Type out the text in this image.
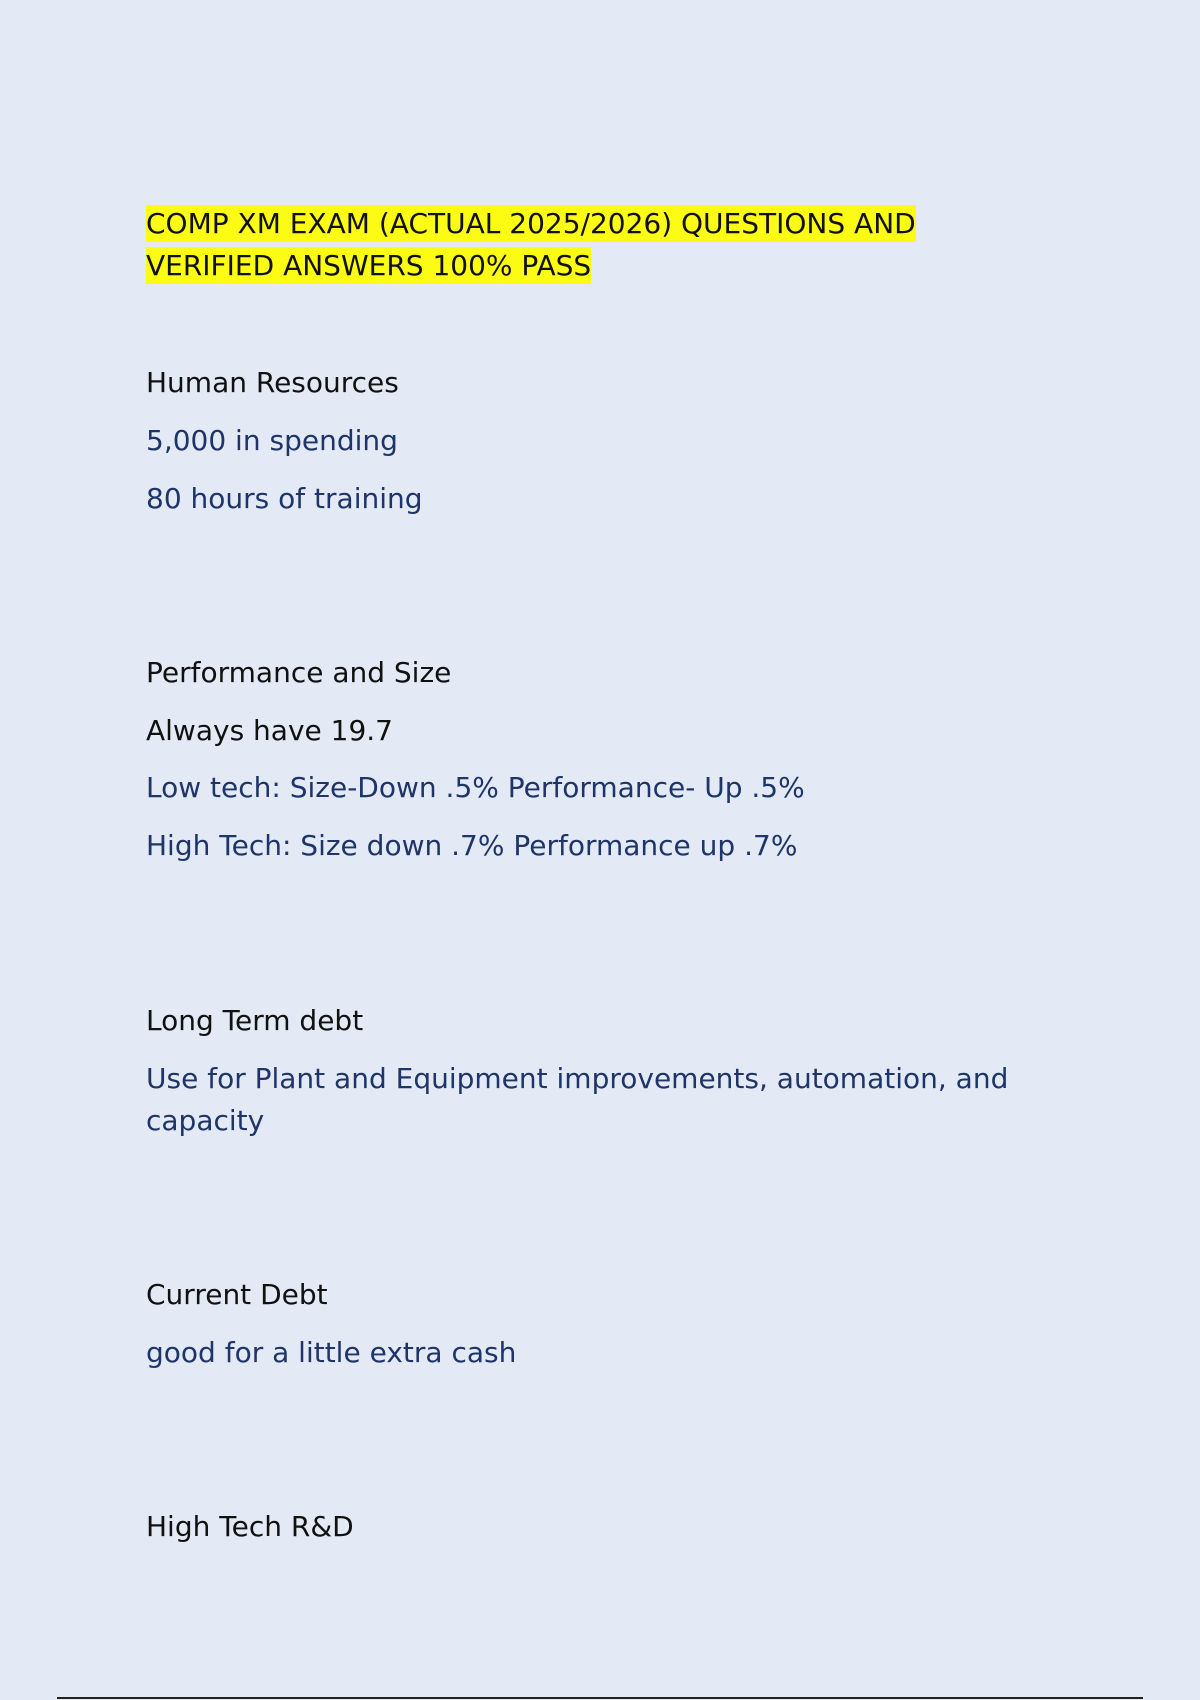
COMP XM EXAM (ACTUAL 2025/2026) QUESTIONS AND
VERIFIED ANSWERS 100% PASS
Human Resources
5,000 in spending
80 hours of training
Performance and Size
Always have 19.7
Low tech: Size-Down .5% Performance- Up .5%
High Tech: Size down .7% Performance up .7%
Long Term debt
Use for Plant and Equipment improvements, automation, and capacity
Current Debt
good for a little extra cash
High Tech R&D
